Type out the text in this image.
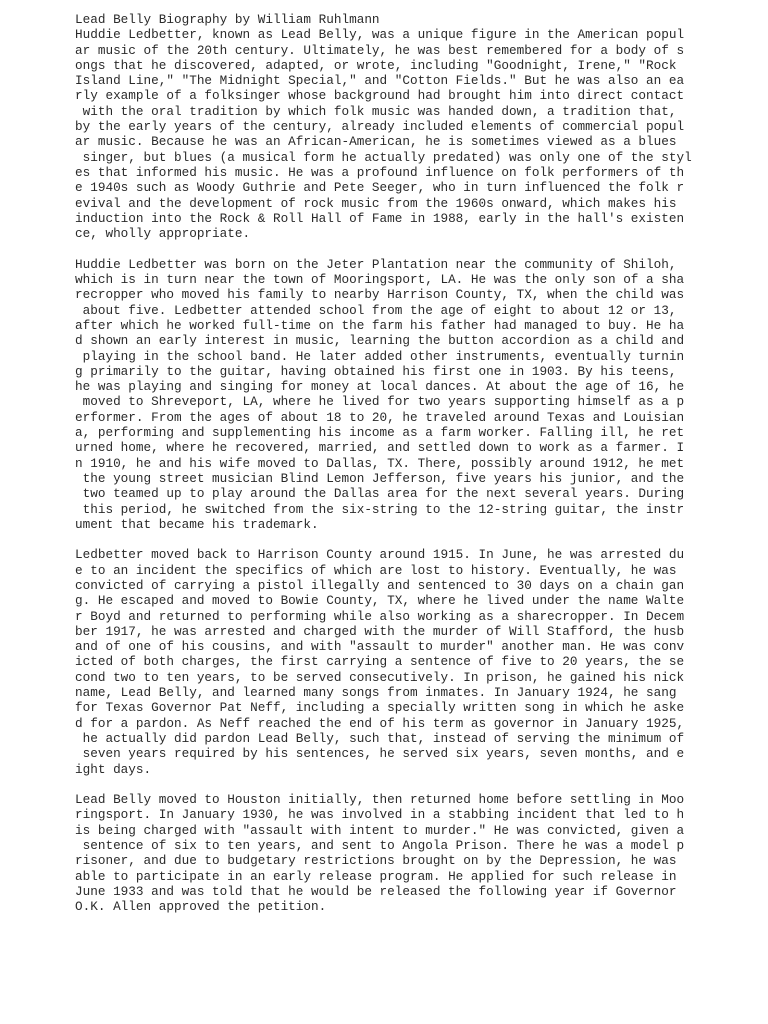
Lead Belly Biography by William Ruhlmann
Huddie Ledbetter, known as Lead Belly, was a unique figure in the American popul
ar music of the 20th century. Ultimately, he was best remembered for a body of s
ongs that he discovered, adapted, or wrote, including "Goodnight, Irene," "Rock
Island Line," "The Midnight Special," and "Cotton Fields." But he was also an ea
rly example of a folksinger whose background had brought him into direct contact
with the oral tradition by which folk music was handed down, a tradition that,
by the early years of the century, already included elements of commercial popul
ar music. Because he was an African-American, he is sometimes viewed as a blues
singer, but blues (a musical form he actually predated) was only one of the styl
es that informed his music. He was a profound influence on folk performers of th
e 1940s such as Woody Guthrie and Pete Seeger, who in turn influenced the folk r
evival and the development of rock music from the 1960s onward, which makes his
induction into the Rock & Roll Hall of Fame in 1988, early in the hall's existen
ce, wholly appropriate.
Huddie Ledbetter was born on the Jeter Plantation near the community of Shiloh,
which is in turn near the town of Mooringsport, LA. He was the only son of a sha
recropper who moved his family to nearby Harrison County, TX, when the child was
about five. Ledbetter attended school from the age of eight to about 12 or 13,
after which he worked full-time on the farm his father had managed to buy. He ha
d shown an early interest in music, learning the button accordion as a child and
playing in the school band. He later added other instruments, eventually turnin
g primarily to the guitar, having obtained his first one in 1903. By his teens,
he was playing and singing for money at local dances. At about the age of 16, he
moved to Shreveport, LA, where he lived for two years supporting himself as a p
erformer. From the ages of about 18 to 20, he traveled around Texas and Louisian
a, performing and supplementing his income as a farm worker. Falling ill, he ret
urned home, where he recovered, married, and settled down to work as a farmer. I
n 1910, he and his wife moved to Dallas, TX. There, possibly around 1912, he met
the young street musician Blind Lemon Jefferson, five years his junior, and the
two teamed up to play around the Dallas area for the next several years. During
this period, he switched from the six-string to the 12-string guitar, the instr
ument that became his trademark.
Ledbetter moved back to Harrison County around 1915. In June, he was arrested du
e to an incident the specifics of which are lost to history. Eventually, he was
convicted of carrying a pistol illegally and sentenced to 30 days on a chain gan
g. He escaped and moved to Bowie County, TX, where he lived under the name Walte
r Boyd and returned to performing while also working as a sharecropper. In Decem
ber 1917, he was arrested and charged with the murder of Will Stafford, the husb
and of one of his cousins, and with "assault to murder" another man. He was conv
icted of both charges, the first carrying a sentence of five to 20 years, the se
cond two to ten years, to be served consecutively. In prison, he gained his nick
name, Lead Belly, and learned many songs from inmates. In January 1924, he sang
for Texas Governor Pat Neff, including a specially written song in which he aske
d for a pardon. As Neff reached the end of his term as governor in January 1925,
he actually did pardon Lead Belly, such that, instead of serving the minimum of
seven years required by his sentences, he served six years, seven months, and e
ight days.
Lead Belly moved to Houston initially, then returned home before settling in Moo
ringsport. In January 1930, he was involved in a stabbing incident that led to h
is being charged with "assault with intent to murder." He was convicted, given a
sentence of six to ten years, and sent to Angola Prison. There he was a model p
risoner, and due to budgetary restrictions brought on by the Depression, he was
able to participate in an early release program. He applied for such release in
June 1933 and was told that he would be released the following year if Governor
O.K. Allen approved the petition.
